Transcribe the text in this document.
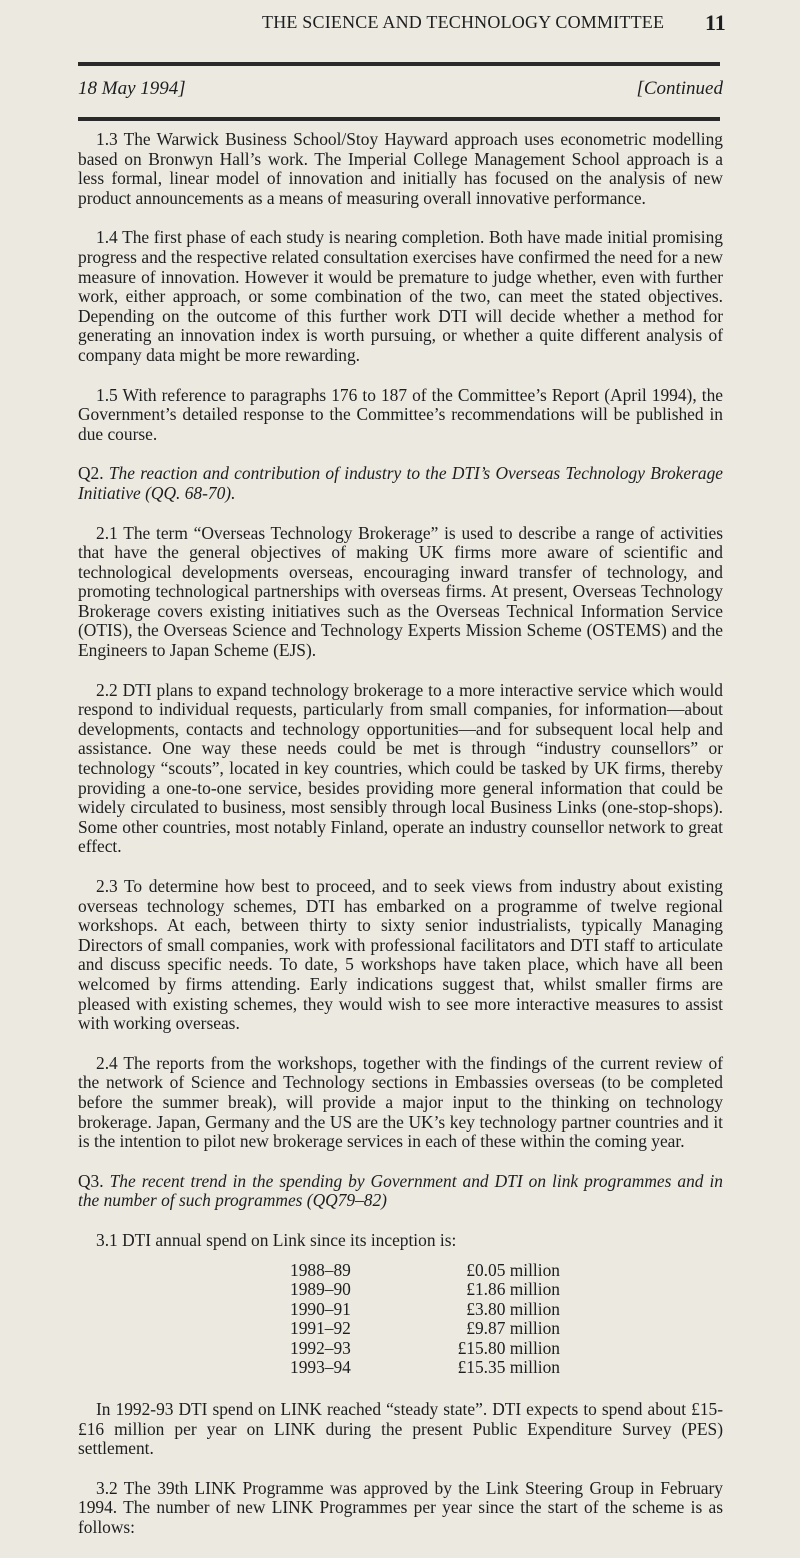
THE SCIENCE AND TECHNOLOGY COMMITTEE 11
18 May 1994]	[Continued

1.3 The Warwick Business School/Stoy Hayward approach uses econometric modelling based on Bronwyn Hall’s work. The Imperial College Management School approach is a less formal, linear model of innovation and initially has focused on the analysis of new product announcements as a means of measuring overall innovative performance.

1.4 The first phase of each study is nearing completion. Both have made initial promising progress and the respective related consultation exercises have confirmed the need for a new measure of innovation. However it would be premature to judge whether, even with further work, either approach, or some combination of the two, can meet the stated objectives. Depending on the outcome of this further work DTI will decide whether a method for generating an innovation index is worth pursuing, or whether a quite different analysis of company data might be more rewarding.

1.5 With reference to paragraphs 176 to 187 of the Committee’s Report (April 1994), the Government’s detailed response to the Committee’s recommendations will be published in due course.

Q2. The reaction and contribution of industry to the DTI’s Overseas Technology Brokerage Initiative (QQ. 68-70).

2.1 The term “Overseas Technology Brokerage” is used to describe a range of activities that have the general objectives of making UK firms more aware of scientific and technological developments overseas, encouraging inward transfer of technology, and promoting technological partnerships with overseas firms. At present, Overseas Technology Brokerage covers existing initiatives such as the Overseas Technical Information Service (OTIS), the Overseas Science and Technology Experts Mission Scheme (OSTEMS) and the Engineers to Japan Scheme (EJS).

2.2 DTI plans to expand technology brokerage to a more interactive service which would respond to individual requests, particularly from small companies, for information—about developments, contacts and technology opportunities—and for subsequent local help and assistance. One way these needs could be met is through “industry counsellors” or technology “scouts”, located in key countries, which could be tasked by UK firms, thereby providing a one-to-one service, besides providing more general information that could be widely circulated to business, most sensibly through local Business Links (one-stop-shops). Some other countries, most notably Finland, operate an industry counsellor network to great effect.

2.3 To determine how best to proceed, and to seek views from industry about existing overseas technology schemes, DTI has embarked on a programme of twelve regional workshops. At each, between thirty to sixty senior industrialists, typically Managing Directors of small companies, work with professional facilitators and DTI staff to articulate and discuss specific needs. To date, 5 workshops have taken place, which have all been welcomed by firms attending. Early indications suggest that, whilst smaller firms are pleased with existing schemes, they would wish to see more interactive measures to assist with working overseas.

2.4 The reports from the workshops, together with the findings of the current review of the network of Science and Technology sections in Embassies overseas (to be completed before the summer break), will provide a major input to the thinking on technology brokerage. Japan, Germany and the US are the UK’s key technology partner countries and it is the intention to pilot new brokerage services in each of these within the coming year.

Q3. The recent trend in the spending by Government and DTI on link programmes and in the number of such programmes (QQ79–82)

3.1 DTI annual spend on Link since its inception is:

1988–89	£0.05 million
1989–90	£1.86 million
1990–91	£3.80 million
1991–92	£9.87 million
1992–93	£15.80 million
1993–94	£15.35 million

In 1992-93 DTI spend on LINK reached “steady state”. DTI expects to spend about £15-£16 million per year on LINK during the present Public Expenditure Survey (PES) settlement.

3.2 The 39th LINK Programme was approved by the Link Steering Group in February 1994. The number of new LINK Programmes per year since the start of the scheme is as follows:
